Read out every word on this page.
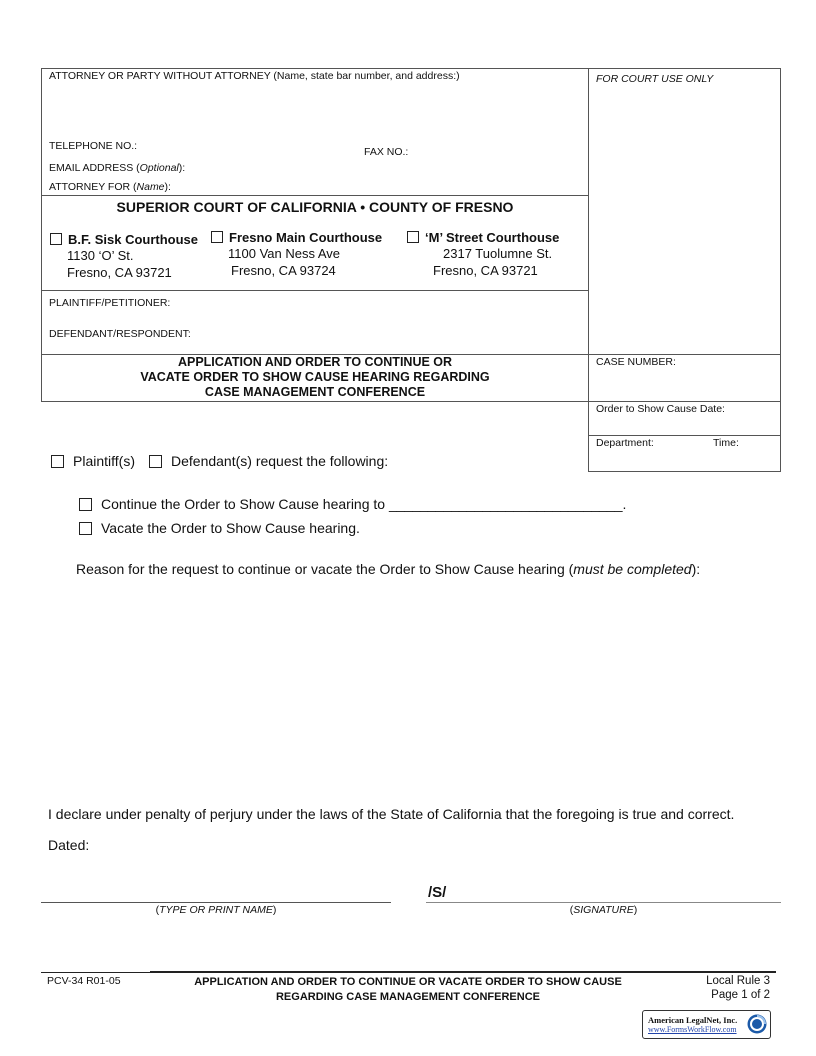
ATTORNEY OR PARTY WITHOUT ATTORNEY (Name, state bar number, and address:)	FOR COURT USE ONLY
TELEPHONE NO.:	FAX NO.:
EMAIL ADDRESS (Optional):
ATTORNEY FOR (Name):
SUPERIOR COURT OF CALIFORNIA • COUNTY OF FRESNO
B.F. Sisk Courthouse
1130 ‘O’ St.
Fresno, CA 93721
Fresno Main Courthouse
1100 Van Ness Ave
Fresno, CA 93724
‘M’ Street Courthouse
2317 Tuolumne St.
Fresno, CA 93721
PLAINTIFF/PETITIONER:
DEFENDANT/RESPONDENT:
APPLICATION AND ORDER TO CONTINUE OR
VACATE ORDER TO SHOW CAUSE HEARING REGARDING
CASE MANAGEMENT CONFERENCE
CASE NUMBER:
Order to Show Cause Date:
Department:	Time:
Plaintiff(s)	Defendant(s) request the following:
Continue the Order to Show Cause hearing to ______________________________.
Vacate the Order to Show Cause hearing.
Reason for the request to continue or vacate the Order to Show Cause hearing (must be completed):
I declare under penalty of perjury under the laws of the State of California that the foregoing is true and correct.
Dated:
/S/
(TYPE OR PRINT NAME)	(SIGNATURE)
PCV-34 R01-05	APPLICATION AND ORDER TO CONTINUE OR VACATE ORDER TO SHOW CAUSE
REGARDING CASE MANAGEMENT CONFERENCE
Local Rule 3
Page 1 of 2
American LegalNet, Inc.
www.FormsWorkFlow.com
